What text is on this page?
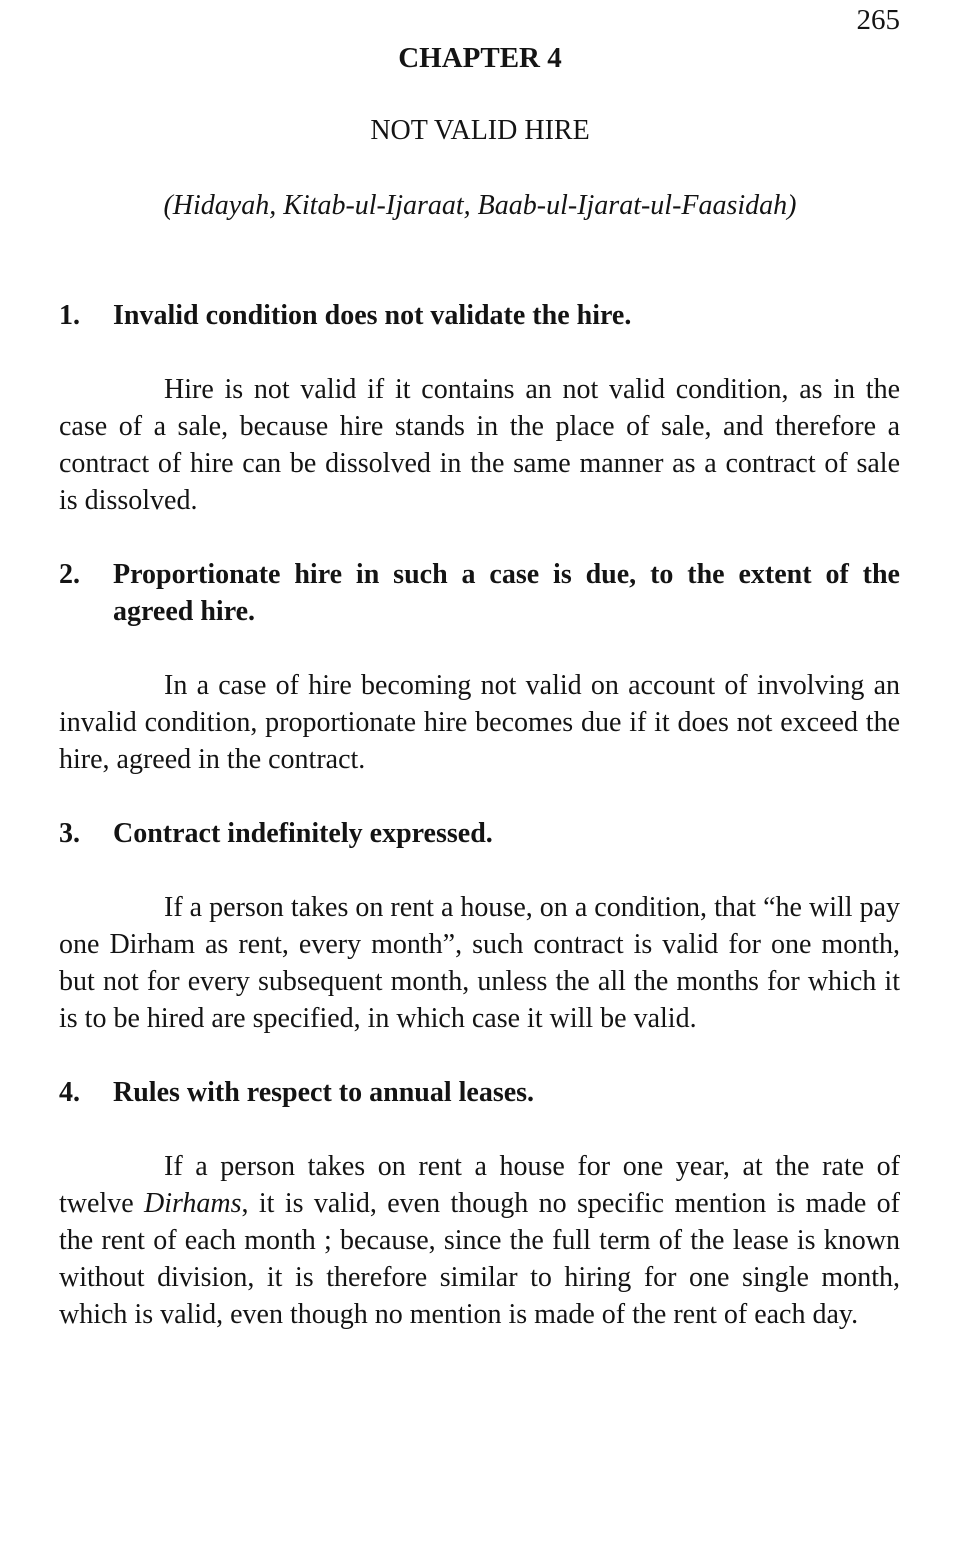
265
CHAPTER 4
NOT VALID HIRE
(Hidayah, Kitab-ul-Ijaraat, Baab-ul-Ijarat-ul-Faasidah)
1.	Invalid condition does not validate the hire.

Hire is not valid if it contains an not valid condition, as in the case of a sale, because hire stands in the place of sale, and therefore a contract of hire can be dissolved in the same manner as a contract of sale is dissolved.

2.	Proportionate hire in such a case is due, to the extent of the agreed hire.

In a case of hire becoming not valid on account of involving an invalid condition, proportionate hire becomes due if it does not exceed the hire, agreed in the contract.

3.	Contract indefinitely expressed.

If a person takes on rent a house, on a condition, that “he will pay one Dirham as rent, every month”, such contract is valid for one month, but not for every subsequent month, unless the all the months for which it is to be hired are specified, in which case it will be valid.

4.	Rules with respect to annual leases.

If a person takes on rent a house for one year, at the rate of twelve Dirhams, it is valid, even though no specific mention is made of the rent of each month ; because, since the full term of the lease is known without division, it is therefore similar to hiring for one single month, which is valid, even though no mention is made of the rent of each day.
